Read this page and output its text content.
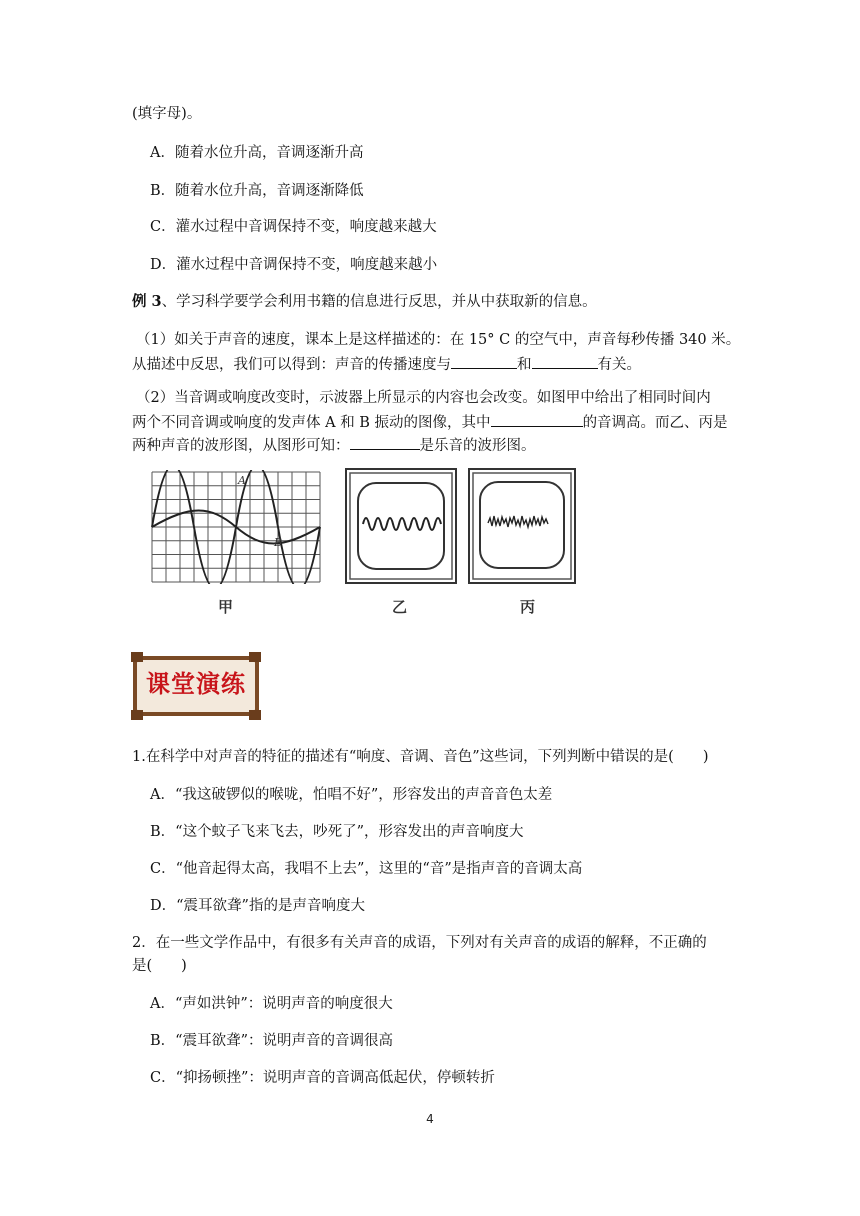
(填字母)。
A．随着水位升高，音调逐渐升高
B．随着水位升高，音调逐渐降低
C．灌水过程中音调保持不变，响度越来越大
D．灌水过程中音调保持不变，响度越来越小
例 3、学习科学要学会利用书籍的信息进行反思，并从中获取新的信息。
（1）如关于声音的速度，课本上是这样描述的：在 15° C 的空气中，声音每秒传播 340 米。
从描述中反思，我们可以得到：声音的传播速度与	和	有关。
（2）当音调或响度改变时，示波器上所显示的内容也会改变。如图甲中给出了相同时间内
两个不同音调或响度的发声体 A 和 B 振动的图像，其中	的音调高。而乙、丙是
两种声音的波形图，从图形可知：	是乐音的波形图。
A
B
甲	乙	丙
课堂演练
1.在科学中对声音的特征的描述有“响度、音调、音色”这些词，下列判断中错误的是(　　)
A．“我这破锣似的喉咙，怕唱不好”，形容发出的声音音色太差
B．“这个蚊子飞来飞去，吵死了”，形容发出的声音响度大
C．“他音起得太高，我唱不上去”，这里的“音”是指声音的音调太高
D．“震耳欲聋”指的是声音响度大
2．在一些文学作品中，有很多有关声音的成语，下列对有关声音的成语的解释，不正确的
是(　　)
A．“声如洪钟”：说明声音的响度很大
B．“震耳欲聋”：说明声音的音调很高
C．“抑扬顿挫”：说明声音的音调高低起伏，停顿转折
4
